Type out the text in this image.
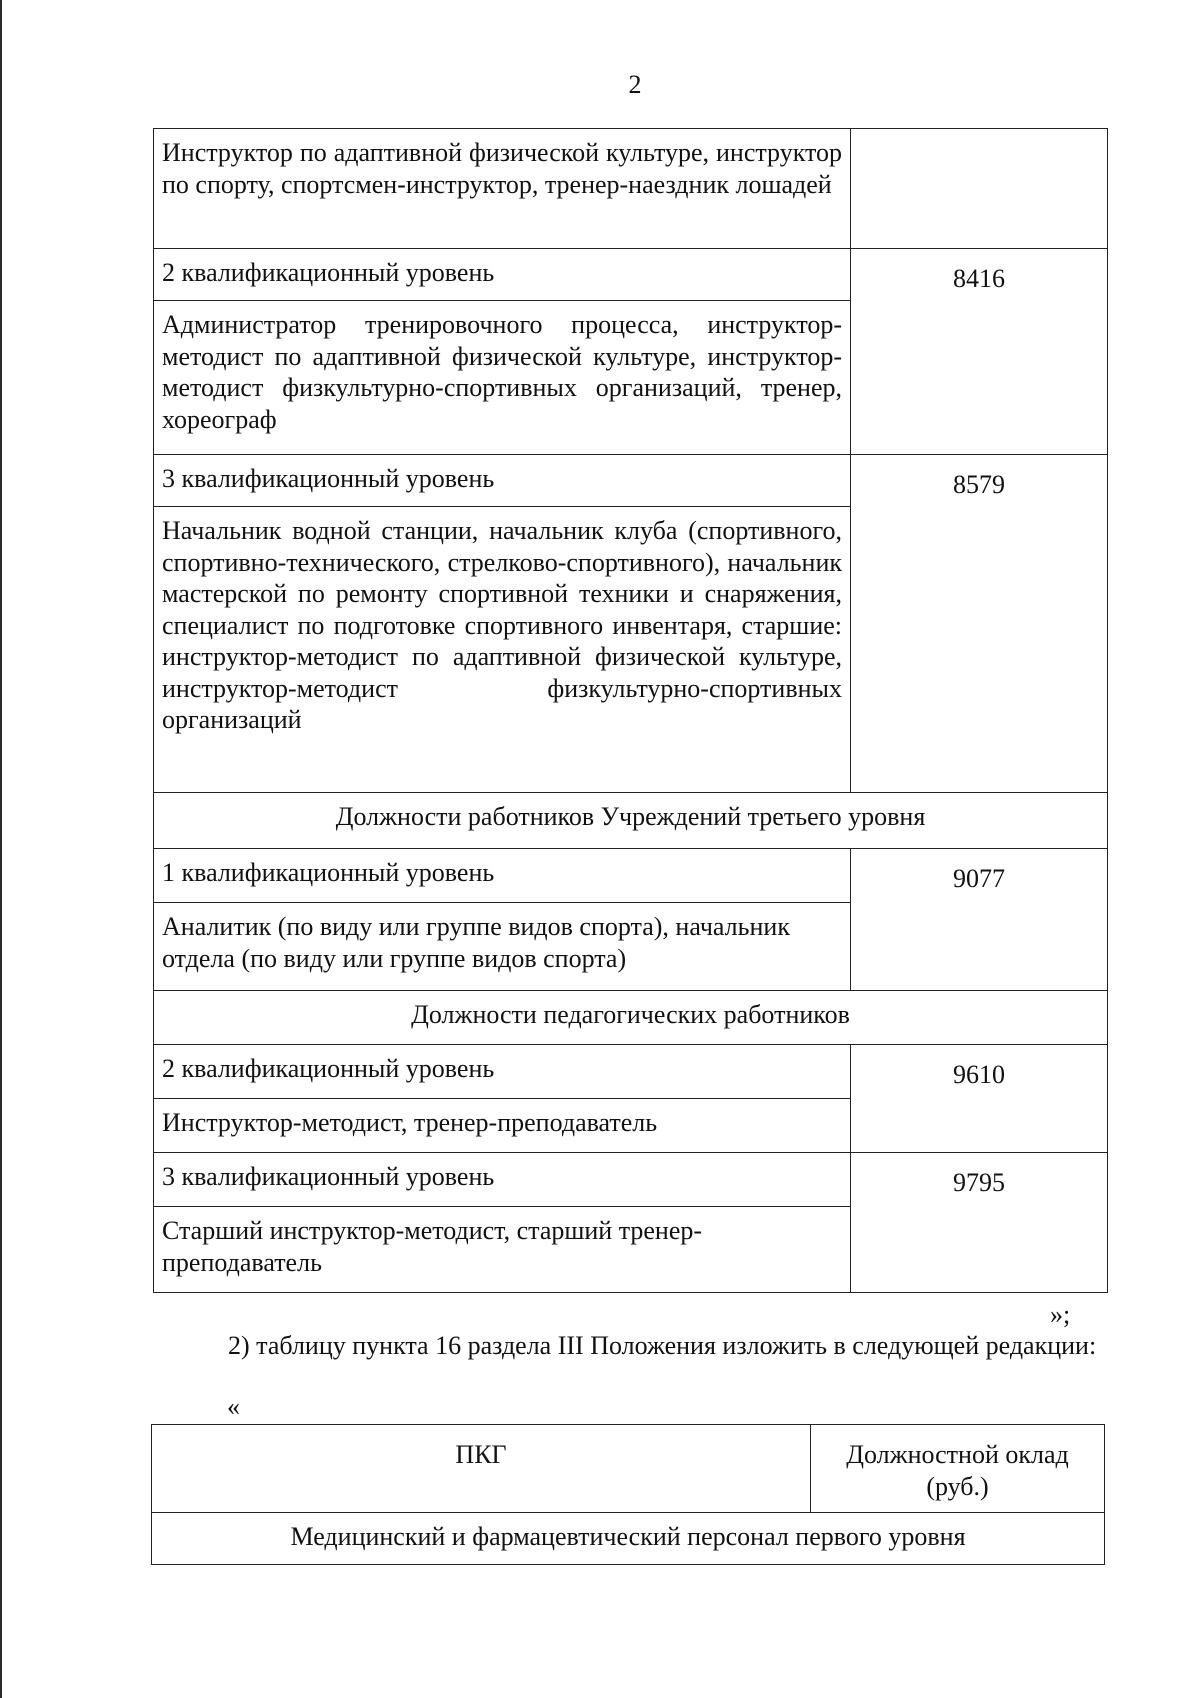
2
Инструктор по адаптивной физической культуре, инструктор по спорту, спортсмен-инструктор, тренер-наездник лошадей	
2 квалификационный уровень	8416
Администратор тренировочного процесса, инструктор-методист по адаптивной физической культуре, инструктор-методист физкультурно-спортивных организаций, тренер, хореограф	
3 квалификационный уровень	8579
Начальник водной станции, начальник клуба (спортивного, спортивно-технического, стрелково-спортивного), начальник мастерской по ремонту спортивной техники и снаряжения, специалист по подготовке спортивного инвентаря, старшие: инструктор-методист по адаптивной физической культуре, инструктор-методист физкультурно-спортивных организаций	
Должности работников Учреждений третьего уровня	
1 квалификационный уровень	9077
Аналитик (по виду или группе видов спорта), начальник отдела (по виду или группе видов спорта)	
Должности педагогических работников	
2 квалификационный уровень	9610
Инструктор-методист, тренер-преподаватель	
3 квалификационный уровень	9795
Старший инструктор-методист, старший тренер-преподаватель	
»;
2) таблицу пункта 16 раздела III Положения изложить в следующей редакции:
«
ПКГ	Должностной оклад (руб.)
Медицинский и фармацевтический персонал первого уровня
